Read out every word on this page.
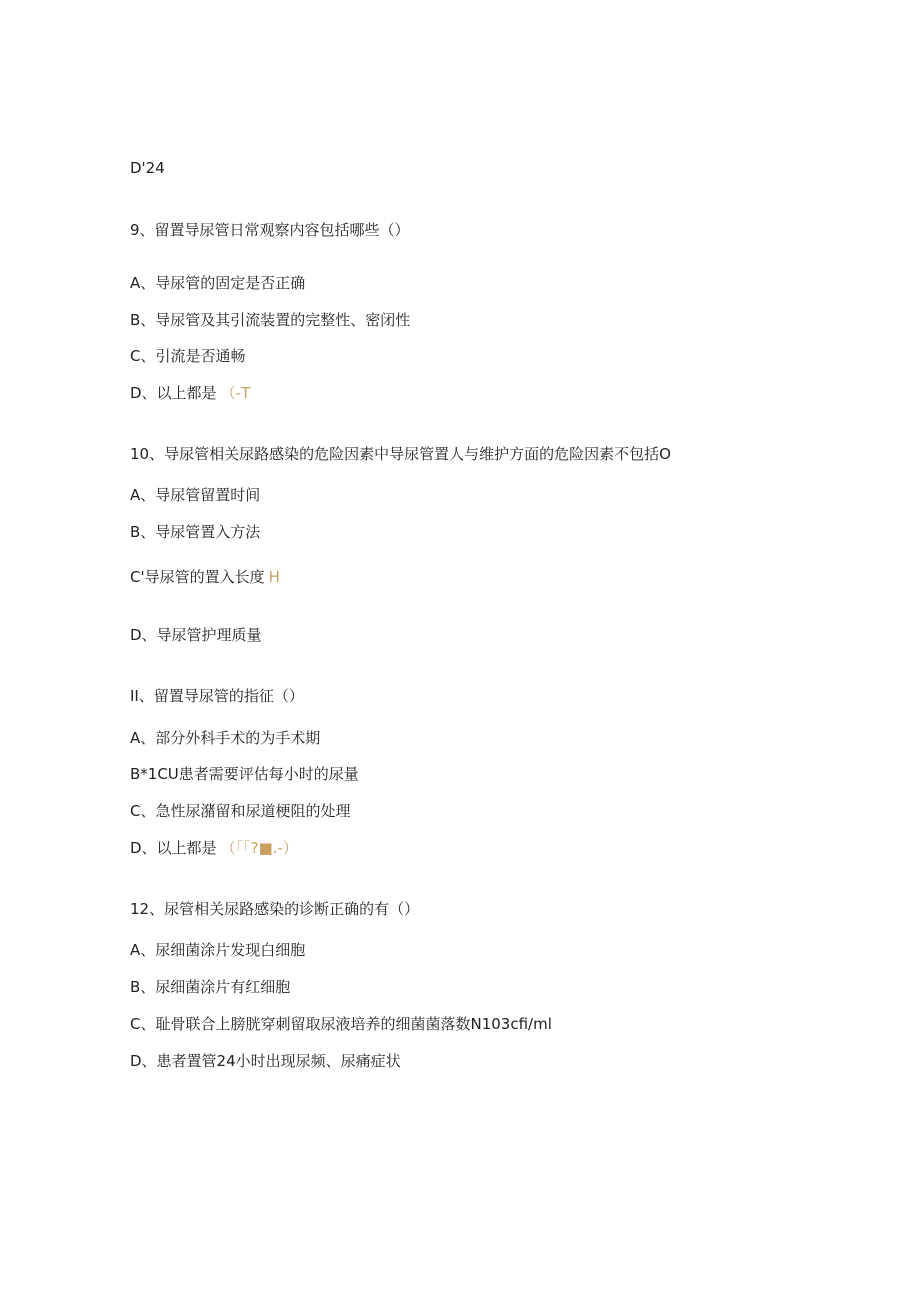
D'24
9、留置导尿管日常观察内容包括哪些（）
A、导尿管的固定是否正确
B、导尿管及其引流装置的完整性、密闭性
C、引流是否通畅
D、以上都是 （-T
10、导尿管相关尿路感染的危险因素中导尿管置人与维护方面的危险因素不包括O
A、导尿管留置时间
B、导尿管置入方法
C'导尿管的置入长度 H
D、导尿管护理质量
II、留置导尿管的指征（）
A、部分外科手术的为手术期
B*1CU患者需要评估每小时的尿量
C、急性尿潴留和尿道梗阻的处理
D、以上都是 （「「?■.-）
12、尿管相关尿路感染的诊断正确的有（）
A、尿细菌涂片发现白细胞
B、尿细菌涂片有红细胞
C、耻骨联合上膀胱穿刺留取尿液培养的细菌菌落数N103cfi∕ml
D、患者置管24小时出现尿频、尿痛症状
